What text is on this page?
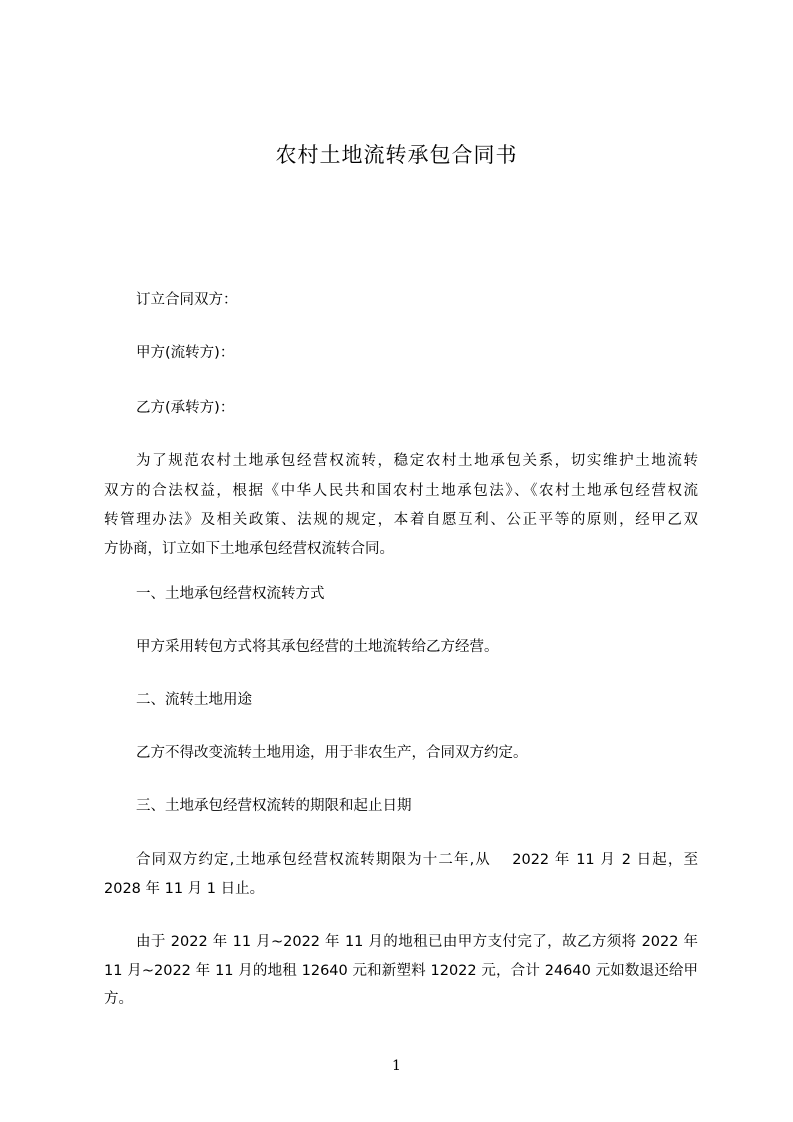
农村土地流转承包合同书
订立合同双方：
甲方(流转方)：
乙方(承转方)：
为了规范农村土地承包经营权流转，稳定农村土地承包关系，切实维护土地流转
双方的合法权益，根据《中华人民共和国农村土地承包法》、《农村土地承包经营权流
转管理办法》及相关政策、法规的规定，本着自愿互利、公正平等的原则，经甲乙双
方协商，订立如下土地承包经营权流转合同。
一、土地承包经营权流转方式
甲方采用转包方式将其承包经营的土地流转给乙方经营。
二、流转土地用途
乙方不得改变流转土地用途，用于非农生产，合同双方约定。
三、土地承包经营权流转的期限和起止日期
合同双方约定,土地承包经营权流转期限为十二年,从　 2022 年 11 月 2 日起，至
2028 年 11 月 1 日止。
由于 2022 年 11 月~2022 年 11 月的地租已由甲方支付完了，故乙方须将 2022 年
11 月~2022 年 11 月的地租 12640 元和新塑料 12022 元，合计 24640 元如数退还给甲
方。
1
